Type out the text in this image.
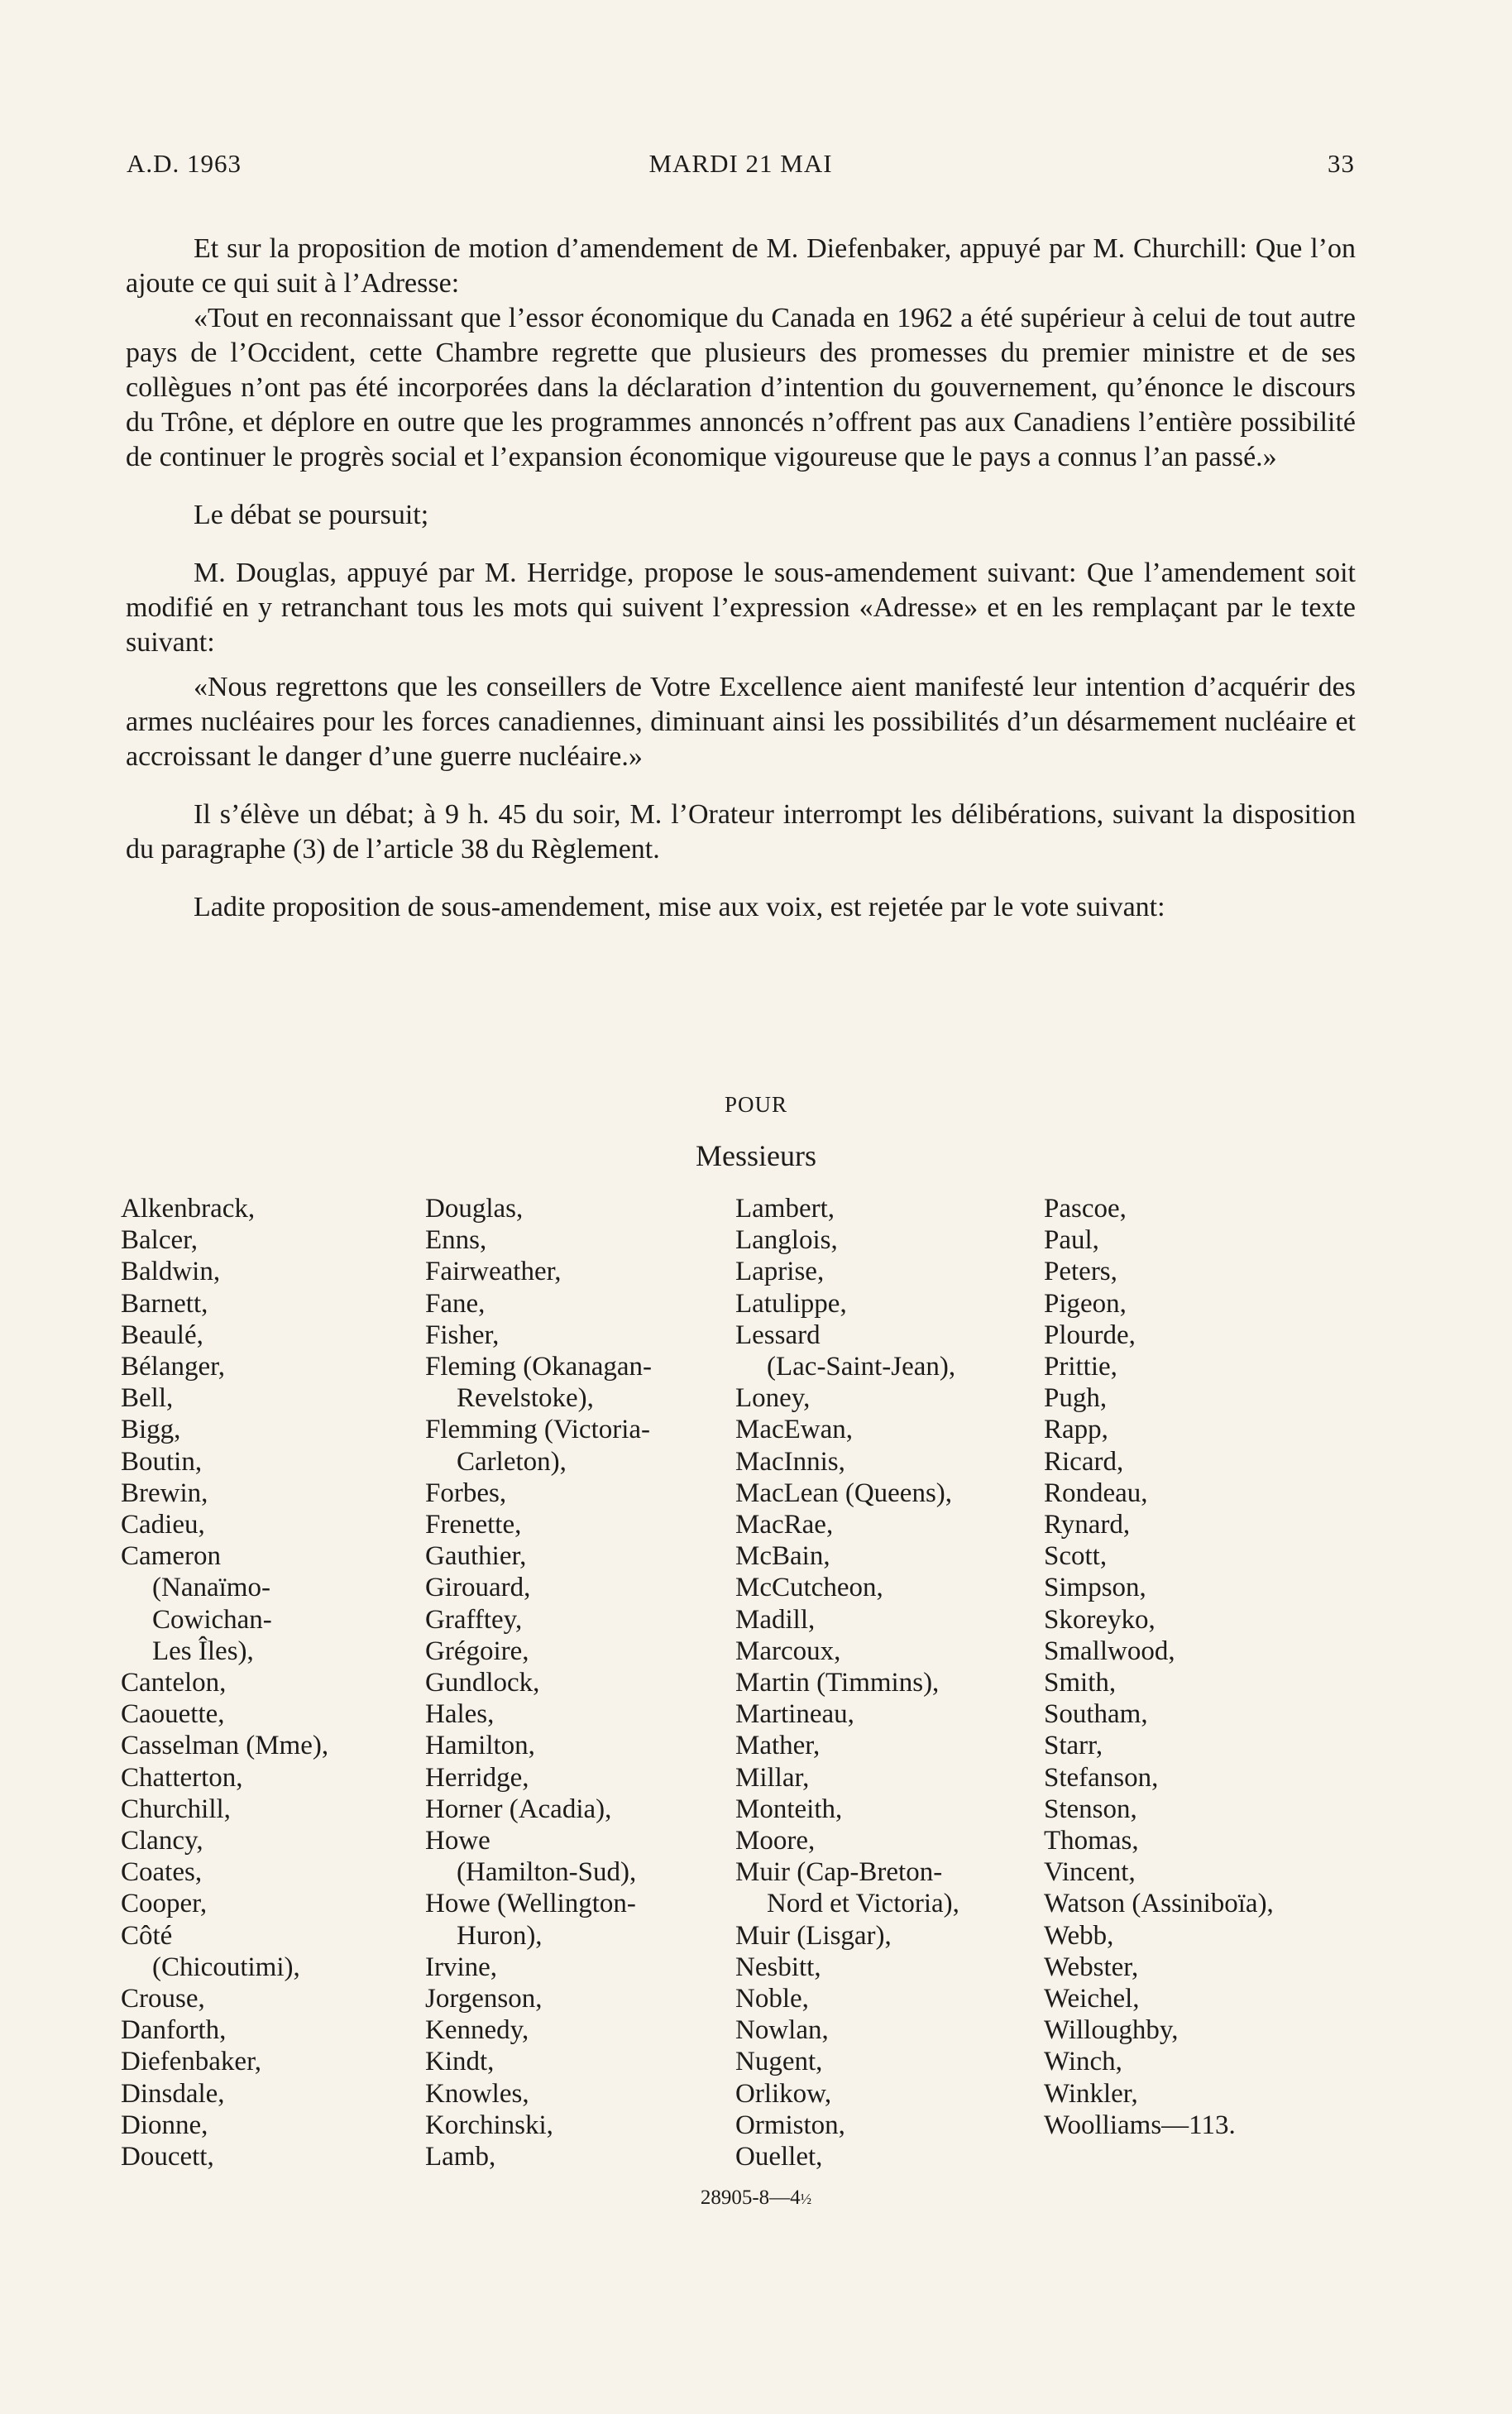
A.D. 1963	MARDI 21 MAI	33

Et sur la proposition de motion d’amendement de M. Diefenbaker, appuyé par M. Churchill: Que l’on ajoute ce qui suit à l’Adresse:

«Tout en reconnaissant que l’essor économique du Canada en 1962 a été supérieur à celui de tout autre pays de l’Occident, cette Chambre regrette que plusieurs des promesses du premier ministre et de ses collègues n’ont pas été incorporées dans la déclaration d’intention du gouvernement, qu’énonce le discours du Trône, et déplore en outre que les programmes annoncés n’offrent pas aux Canadiens l’entière possibilité de continuer le progrès social et l’expansion économique vigoureuse que le pays a connus l’an passé.»

Le débat se poursuit;

M. Douglas, appuyé par M. Herridge, propose le sous-amendement suivant: Que l’amendement soit modifié en y retranchant tous les mots qui suivent l’expression «Adresse» et en les remplaçant par le texte suivant:

«Nous regrettons que les conseillers de Votre Excellence aient manifesté leur intention d’acquérir des armes nucléaires pour les forces canadiennes, diminuant ainsi les possibilités d’un désarmement nucléaire et accroissant le danger d’une guerre nucléaire.»

Il s’élève un débat; à 9 h. 45 du soir, M. l’Orateur interrompt les délibérations, suivant la disposition du paragraphe (3) de l’article 38 du Règlement.

Ladite proposition de sous-amendement, mise aux voix, est rejetée par le vote suivant:

POUR
Messieurs
Alkenbrack,
Balcer,
Baldwin,
Barnett,
Beaulé,
Bélanger,
Bell,
Bigg,
Boutin,
Brewin,
Cadieu,
Cameron
(Nanaïmo-
Cowichan-
Les Îles),
Cantelon,
Caouette,
Casselman (Mme),
Chatterton,
Churchill,
Clancy,
Coates,
Cooper,
Côté
(Chicoutimi),
Crouse,
Danforth,
Diefenbaker,
Dinsdale,
Dionne,
Doucett,
Douglas,
Enns,
Fairweather,
Fane,
Fisher,
Fleming (Okanagan-
Revelstoke),
Flemming (Victoria-
Carleton),
Forbes,
Frenette,
Gauthier,
Girouard,
Grafftey,
Grégoire,
Gundlock,
Hales,
Hamilton,
Herridge,
Horner (Acadia),
Howe
(Hamilton-Sud),
Howe (Wellington-
Huron),
Irvine,
Jorgenson,
Kennedy,
Kindt,
Knowles,
Korchinski,
Lamb,
Lambert,
Langlois,
Laprise,
Latulippe,
Lessard
(Lac-Saint-Jean),
Loney,
MacEwan,
MacInnis,
MacLean (Queens),
MacRae,
McBain,
McCutcheon,
Madill,
Marcoux,
Martin (Timmins),
Martineau,
Mather,
Millar,
Monteith,
Moore,
Muir (Cap-Breton-
Nord et Victoria),
Muir (Lisgar),
Nesbitt,
Noble,
Nowlan,
Nugent,
Orlikow,
Ormiston,
Ouellet,
Pascoe,
Paul,
Peters,
Pigeon,
Plourde,
Prittie,
Pugh,
Rapp,
Ricard,
Rondeau,
Rynard,
Scott,
Simpson,
Skoreyko,
Smallwood,
Smith,
Southam,
Starr,
Stefanson,
Stenson,
Thomas,
Vincent,
Watson (Assiniboïa),
Webb,
Webster,
Weichel,
Willoughby,
Winch,
Winkler,
Woolliams—113.
28905-8—4½
